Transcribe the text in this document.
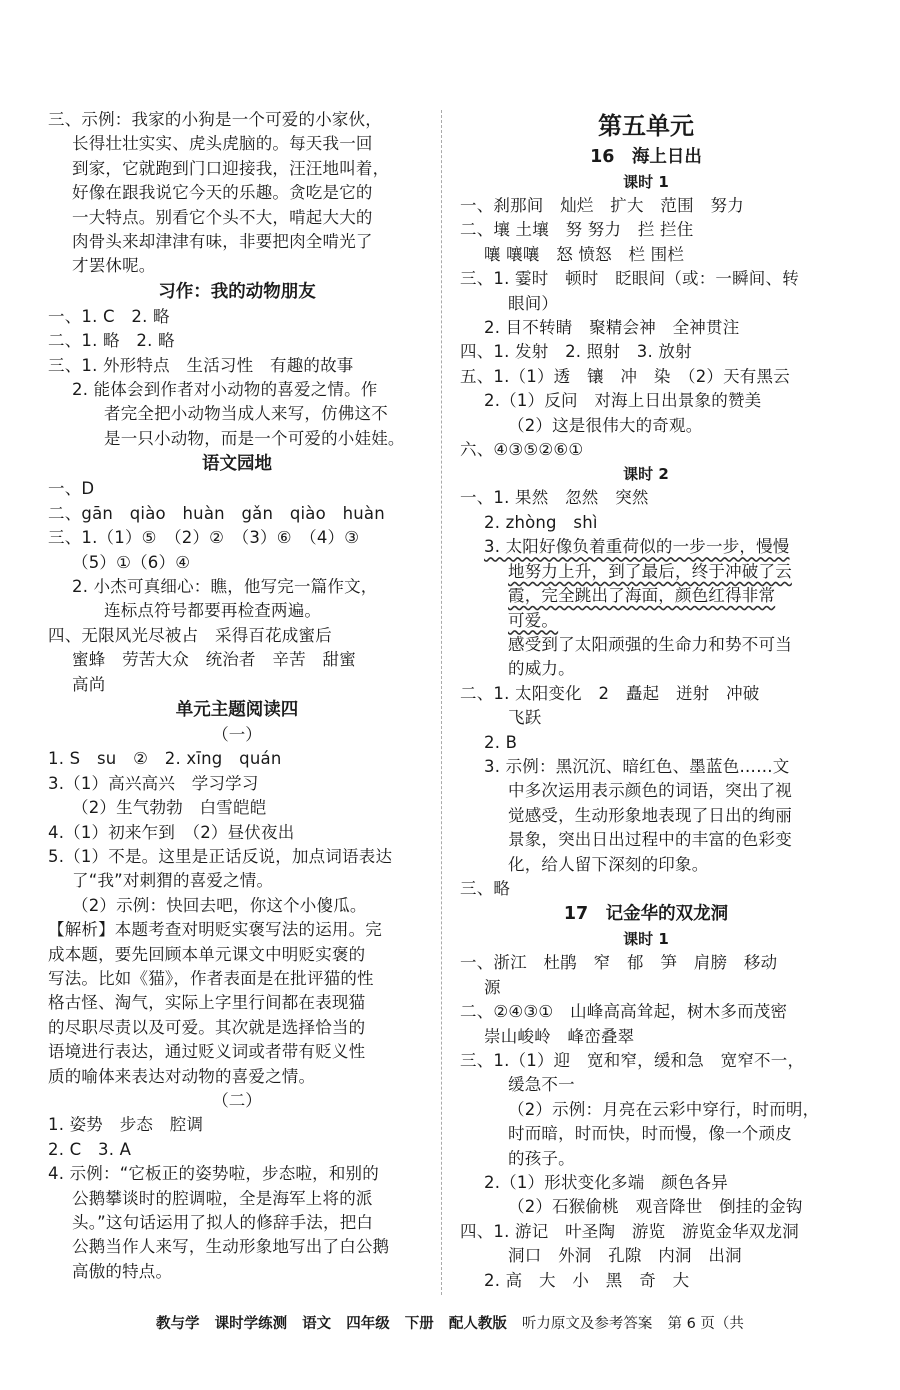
三、示例：我家的小狗是一个可爱的小家伙，
长得壮壮实实、虎头虎脑的。每天我一回
到家，它就跑到门口迎接我，汪汪地叫着，
好像在跟我说它今天的乐趣。贪吃是它的
一大特点。别看它个头不大，啃起大大的
肉骨头来却津津有味，非要把肉全啃光了
才罢休呢。
习作：我的动物朋友
一、1. C　2. 略
二、1. 略　2. 略
三、1. 外形特点　生活习性　有趣的故事
2. 能体会到作者对小动物的喜爱之情。作
者完全把小动物当成人来写，仿佛这不
是一只小动物，而是一个可爱的小娃娃。
语文园地
一、D
二、gān　qiào　huàn　gǎn　qiào　huàn
三、1.（1）⑤　（2）②　（3）⑥　（4）③
（5）①（6）④
2. 小杰可真细心：瞧，他写完一篇作文，
连标点符号都要再检查两遍。
四、无限风光尽被占　采得百花成蜜后
蜜蜂　劳苦大众　统治者　辛苦　甜蜜
高尚
单元主题阅读四
（一）
1. S　su　②　2. xīng　quán
3.（1）高兴高兴　学习学习
（2）生气勃勃　白雪皑皑
4.（1）初来乍到　（2）昼伏夜出
5.（1）不是。这里是正话反说，加点词语表达
了“我”对刺猬的喜爱之情。
（2）示例：快回去吧，你这个小傻瓜。
【解析】本题考查对明贬实褒写法的运用。完
成本题，要先回顾本单元课文中明贬实褒的
写法。比如《猫》，作者表面是在批评猫的性
格古怪、淘气，实际上字里行间都在表现猫
的尽职尽责以及可爱。其次就是选择恰当的
语境进行表达，通过贬义词或者带有贬义性
质的喻体来表达对动物的喜爱之情。
（二）
1. 姿势　步态　腔调
2. C　3. A
4. 示例：“它板正的姿势啦，步态啦，和别的
公鹅攀谈时的腔调啦，全是海军上将的派
头。”这句话运用了拟人的修辞手法，把白
公鹅当作人来写，生动形象地写出了白公鹅
高傲的特点。
第五单元
16　海上日出
课时 1
一、刹那间　灿烂　扩大　范围　努力
二、壤 土壤　努 努力　拦 拦住
嚷 嚷嚷　怒 愤怒　栏 围栏
三、1. 霎时　顿时　眨眼间（或：一瞬间、转
眼间）
2. 目不转睛　聚精会神　全神贯注
四、1. 发射　2. 照射　3. 放射
五、1.（1）透　镶　冲　染　（2）天有黑云
2.（1）反问　对海上日出景象的赞美
（2）这是很伟大的奇观。
六、④③⑤②⑥①
课时 2
一、1. 果然　忽然　突然
2. zhòng　shì
3. 太阳好像负着重荷似的一步一步，慢慢
地努力上升，到了最后，终于冲破了云
霞，完全跳出了海面，颜色红得非常
可爱。
感受到了太阳顽强的生命力和势不可当
的威力。
二、1. 太阳变化　2　矗起　迸射　冲破
飞跃
2. B
3. 示例：黑沉沉、暗红色、墨蓝色……文
中多次运用表示颜色的词语，突出了视
觉感受，生动形象地表现了日出的绚丽
景象，突出日出过程中的丰富的色彩变
化，给人留下深刻的印象。
三、略
17　记金华的双龙洞
课时 1
一、浙江　杜鹃　窄　郁　笋　肩膀　移动
源
二、②④③①　山峰高高耸起，树木多而茂密
崇山峻岭　峰峦叠翠
三、1.（1）迎　宽和窄，缓和急　宽窄不一，
缓急不一
（2）示例：月亮在云彩中穿行，时而明，
时而暗，时而快，时而慢，像一个顽皮
的孩子。
2.（1）形状变化多端　颜色各异
（2）石猴偷桃　观音降世　倒挂的金钩
四、1. 游记　叶圣陶　游览　游览金华双龙洞
洞口　外洞　孔隙　内洞　出洞
2. 高　大　小　黑　奇　大
教与学 课时学练测 语文 四年级 下册 配人教版 听力原文及参考答案 第 6 页（共
